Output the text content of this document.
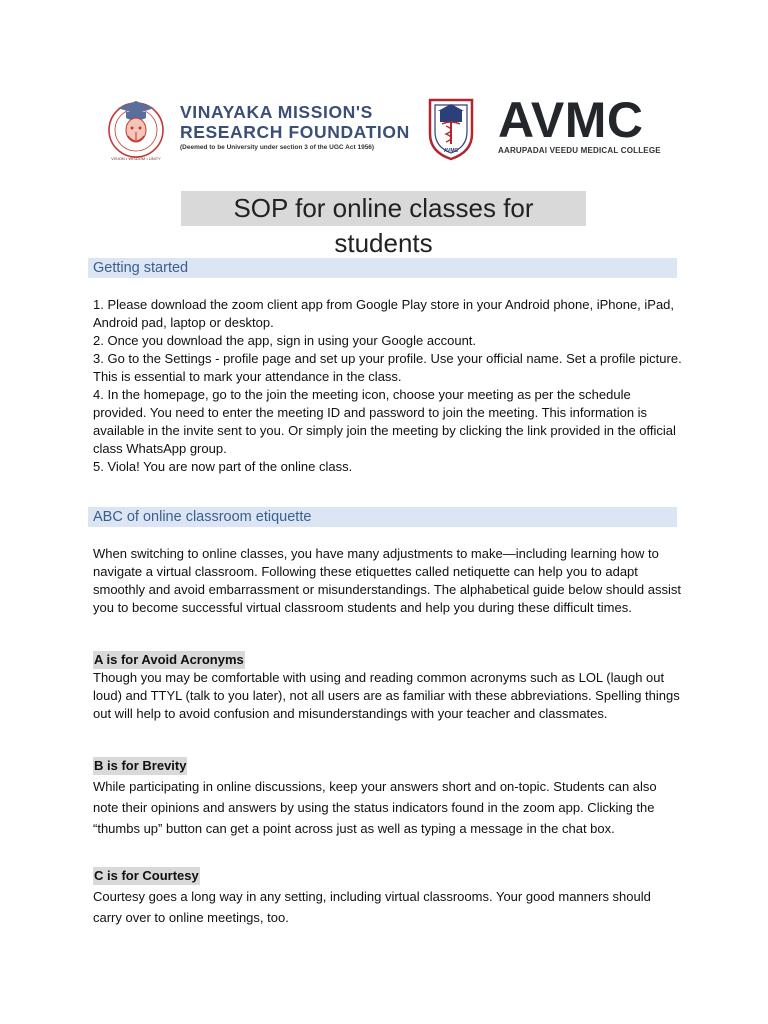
VISION • WISDOM • UNITY
VINAYAKA MISSION'S
RESEARCH FOUNDATION
(Deemed to be University under section 3 of the UGC Act 1956)	AVMC
AVMC
AARUPADAI VEEDU MEDICAL COLLEGE
SOP for online classes for students
Getting started

1. Please download the zoom client app from Google Play store in your Android phone, iPhone, iPad, Android pad, laptop or desktop.

2. Once you download the app, sign in using your Google account.

3. Go to the Settings - profile page and set up your profile. Use your official name. Set a profile picture. This is essential to mark your attendance in the class.

4. In the homepage, go to the join the meeting icon, choose your meeting as per the schedule provided. You need to enter the meeting ID and password to join the meeting. This information is available in the invite sent to you. Or simply join the meeting by clicking the link provided in the official class WhatsApp group.

5. Viola! You are now part of the online class.

ABC of online classroom etiquette
When switching to online classes, you have many adjustments to make—including learning how to navigate a virtual classroom. Following these etiquettes called netiquette can help you to adapt smoothly and avoid embarrassment or misunderstandings. The alphabetical guide below should assist you to become successful virtual classroom students and help you during these difficult times.
A is for Avoid Acronyms
Though you may be comfortable with using and reading common acronyms such as LOL (laugh out loud) and TTYL (talk to you later), not all users are as familiar with these abbreviations. Spelling things out will help to avoid confusion and misunderstandings with your teacher and classmates.
B is for Brevity
While participating in online discussions, keep your answers short and on-topic. Students can also note their opinions and answers by using the status indicators found in the zoom app. Clicking the “thumbs up” button can get a point across just as well as typing a message in the chat box.
C is for Courtesy
Courtesy goes a long way in any setting, including virtual classrooms. Your good manners should carry over to online meetings, too.
